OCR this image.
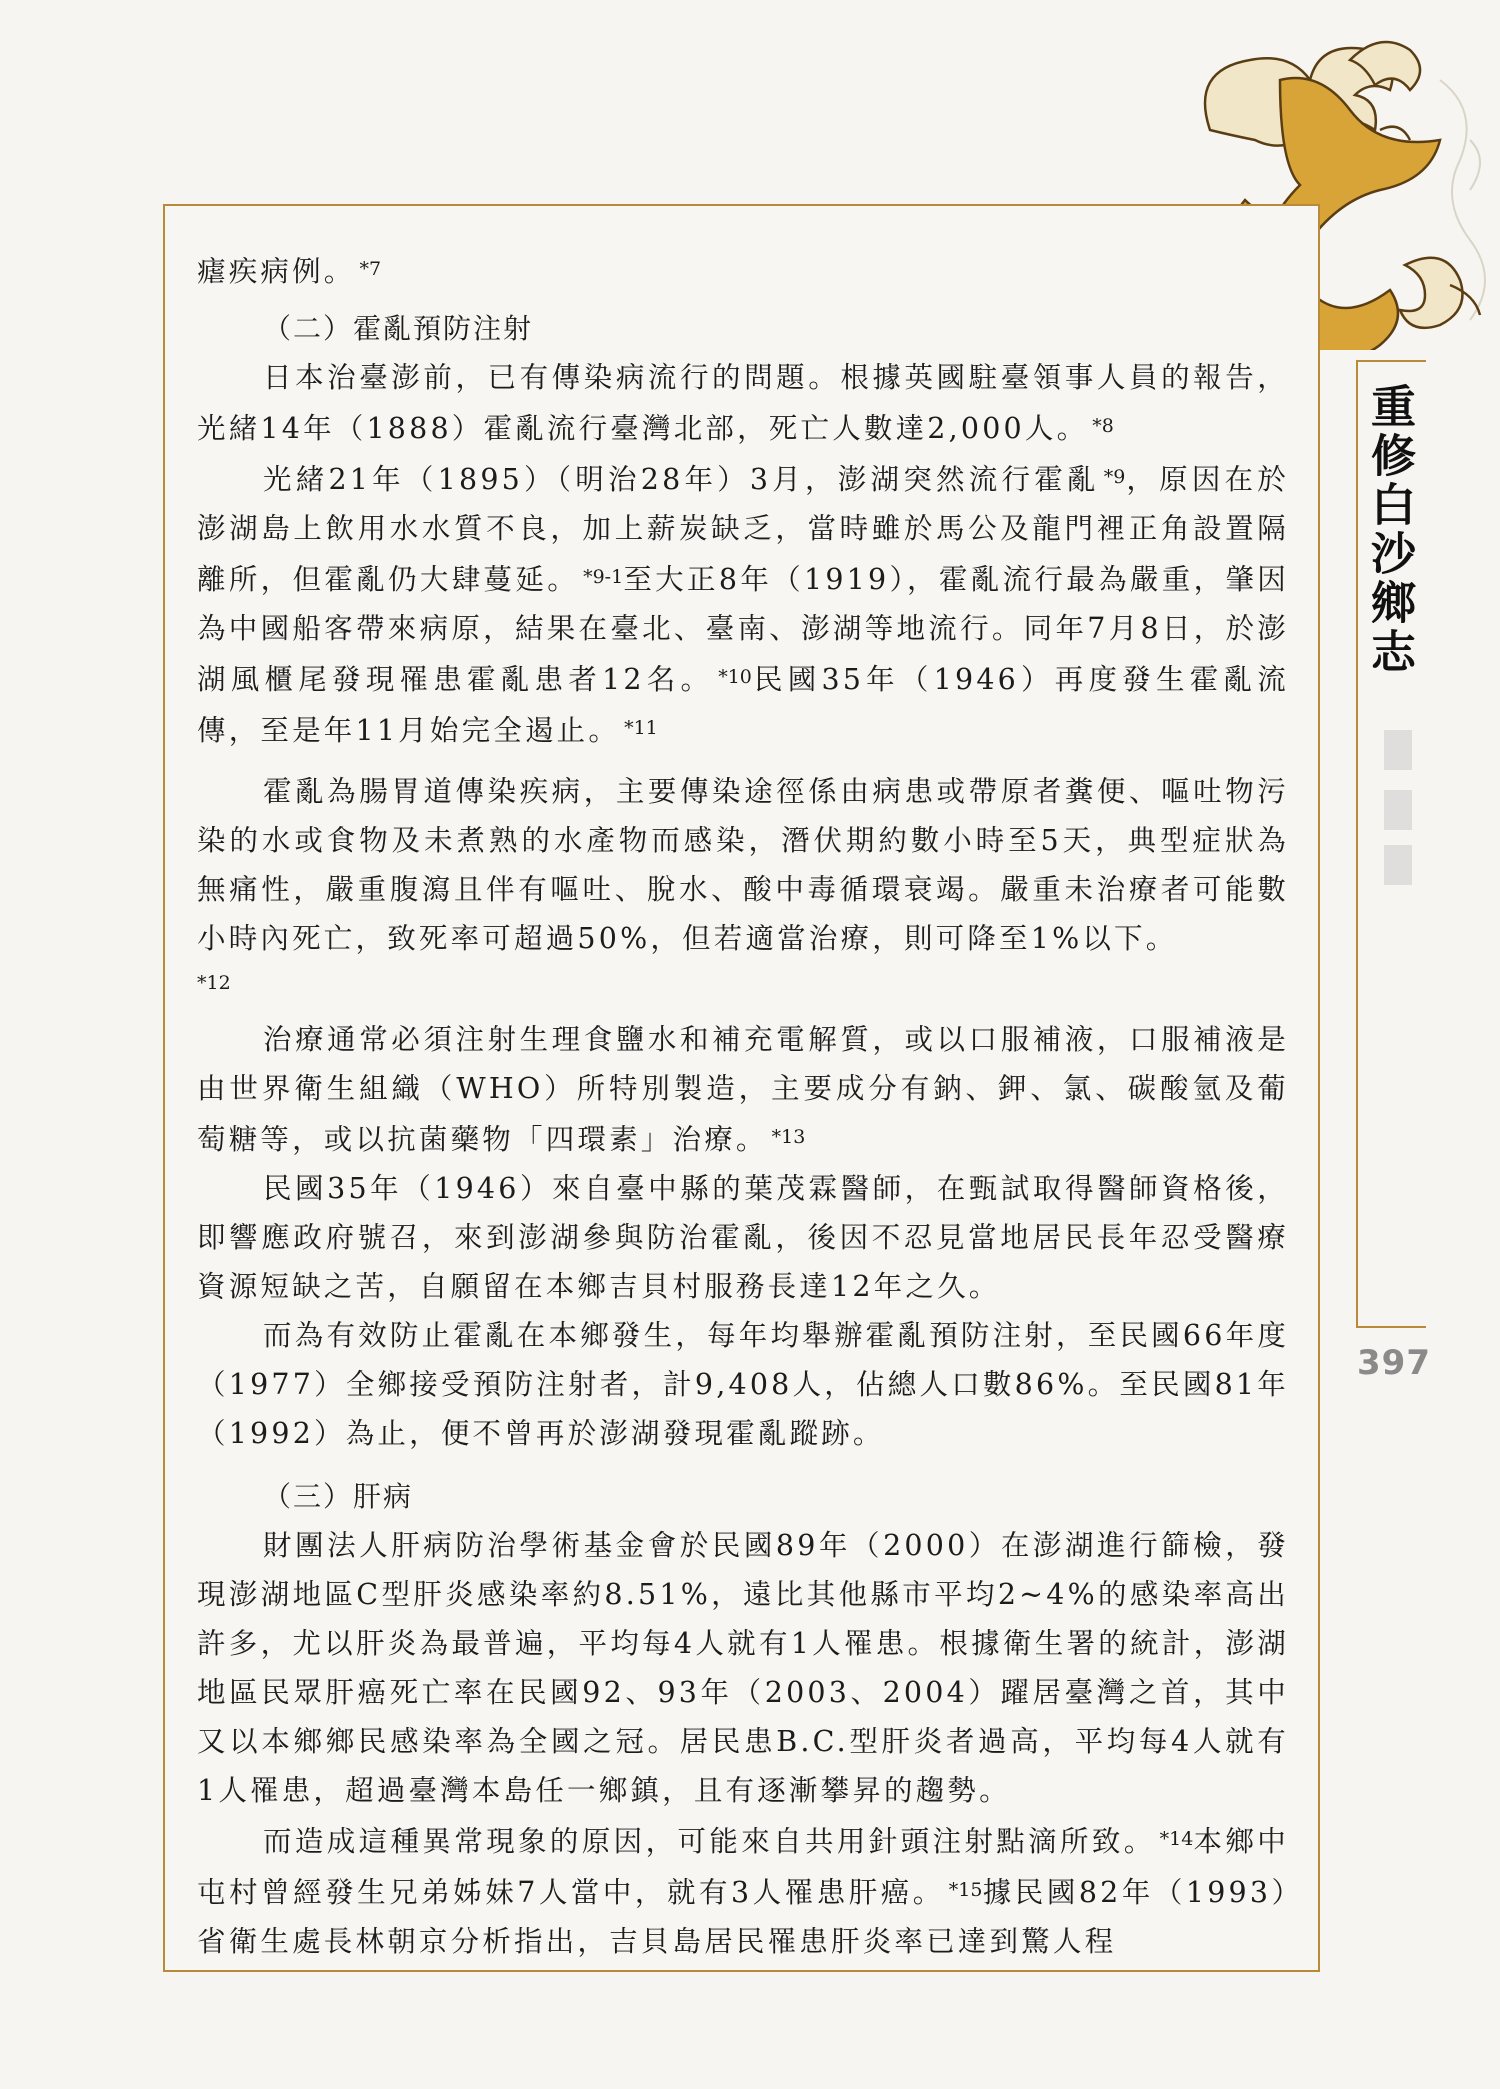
重修白沙鄉志
397

瘧疾病例。 $^{*7}$

（二）霍亂預防注射

日本治臺澎前，已有傳染病流行的問題。根據英國駐臺領事人員的報告，光緒14年（1888）霍亂流行臺灣北部，死亡人數達2,000人。 $^{*8}$

光緒21年（1895）（明治28年）3月，澎湖突然流行霍亂 $^{*9}$，原因在於澎湖島上飲用水水質不良，加上薪炭缺乏，當時雖於馬公及龍門裡正角設置隔離所，但霍亂仍大肆蔓延。 $^{*9-1}$至大正8年（1919），霍亂流行最為嚴重，肇因為中國船客帶來病原，結果在臺北、臺南、澎湖等地流行。同年7月8日，於澎湖風櫃尾發現罹患霍亂患者12名。 $^{*10}$民國35年（1946）再度發生霍亂流傳，至是年11月始完全遏止。 $^{*11}$

霍亂為腸胃道傳染疾病，主要傳染途徑係由病患或帶原者糞便、嘔吐物污染的水或食物及未煮熟的水產物而感染，潛伏期約數小時至5天，典型症狀為無痛性，嚴重腹瀉且伴有嘔吐、脫水、酸中毒循環衰竭。嚴重未治療者可能數小時內死亡，致死率可超過50%，但若適當治療，則可降至1%以下。

*12

治療通常必須注射生理食鹽水和補充電解質，或以口服補液，口服補液是由世界衛生組織（WHO）所特別製造，主要成分有鈉、鉀、氯、碳酸氫及葡萄糖等，或以抗菌藥物「四環素」治療。 $^{*13}$

民國35年（1946）來自臺中縣的葉茂霖醫師，在甄試取得醫師資格後，即響應政府號召，來到澎湖參與防治霍亂，後因不忍見當地居民長年忍受醫療資源短缺之苦，自願留在本鄉吉貝村服務長達12年之久。

而為有效防止霍亂在本鄉發生，每年均舉辦霍亂預防注射，至民國66年度（1977）全鄉接受預防注射者，計9,408人，佔總人口數86%。至民國81年（1992）為止，便不曾再於澎湖發現霍亂蹤跡。

（三）肝病

財團法人肝病防治學術基金會於民國89年（2000）在澎湖進行篩檢，發現澎湖地區C型肝炎感染率約8.51%，遠比其他縣市平均2~4%的感染率高出許多，尤以肝炎為最普遍，平均每4人就有1人罹患。根據衛生署的統計，澎湖地區民眾肝癌死亡率在民國92、93年（2003、2004）躍居臺灣之首，其中又以本鄉鄉民感染率為全國之冠。居民患B.C.型肝炎者過高，平均每4人就有1人罹患，超過臺灣本島任一鄉鎮，且有逐漸攀昇的趨勢。

而造成這種異常現象的原因，可能來自共用針頭注射點滴所致。 $^{*14}$本鄉中屯村曾經發生兄弟姊妹7人當中，就有3人罹患肝癌。 $^{*15}$據民國82年（1993）省衛生處長林朝京分析指出，吉貝島居民罹患肝炎率已達到驚人程
